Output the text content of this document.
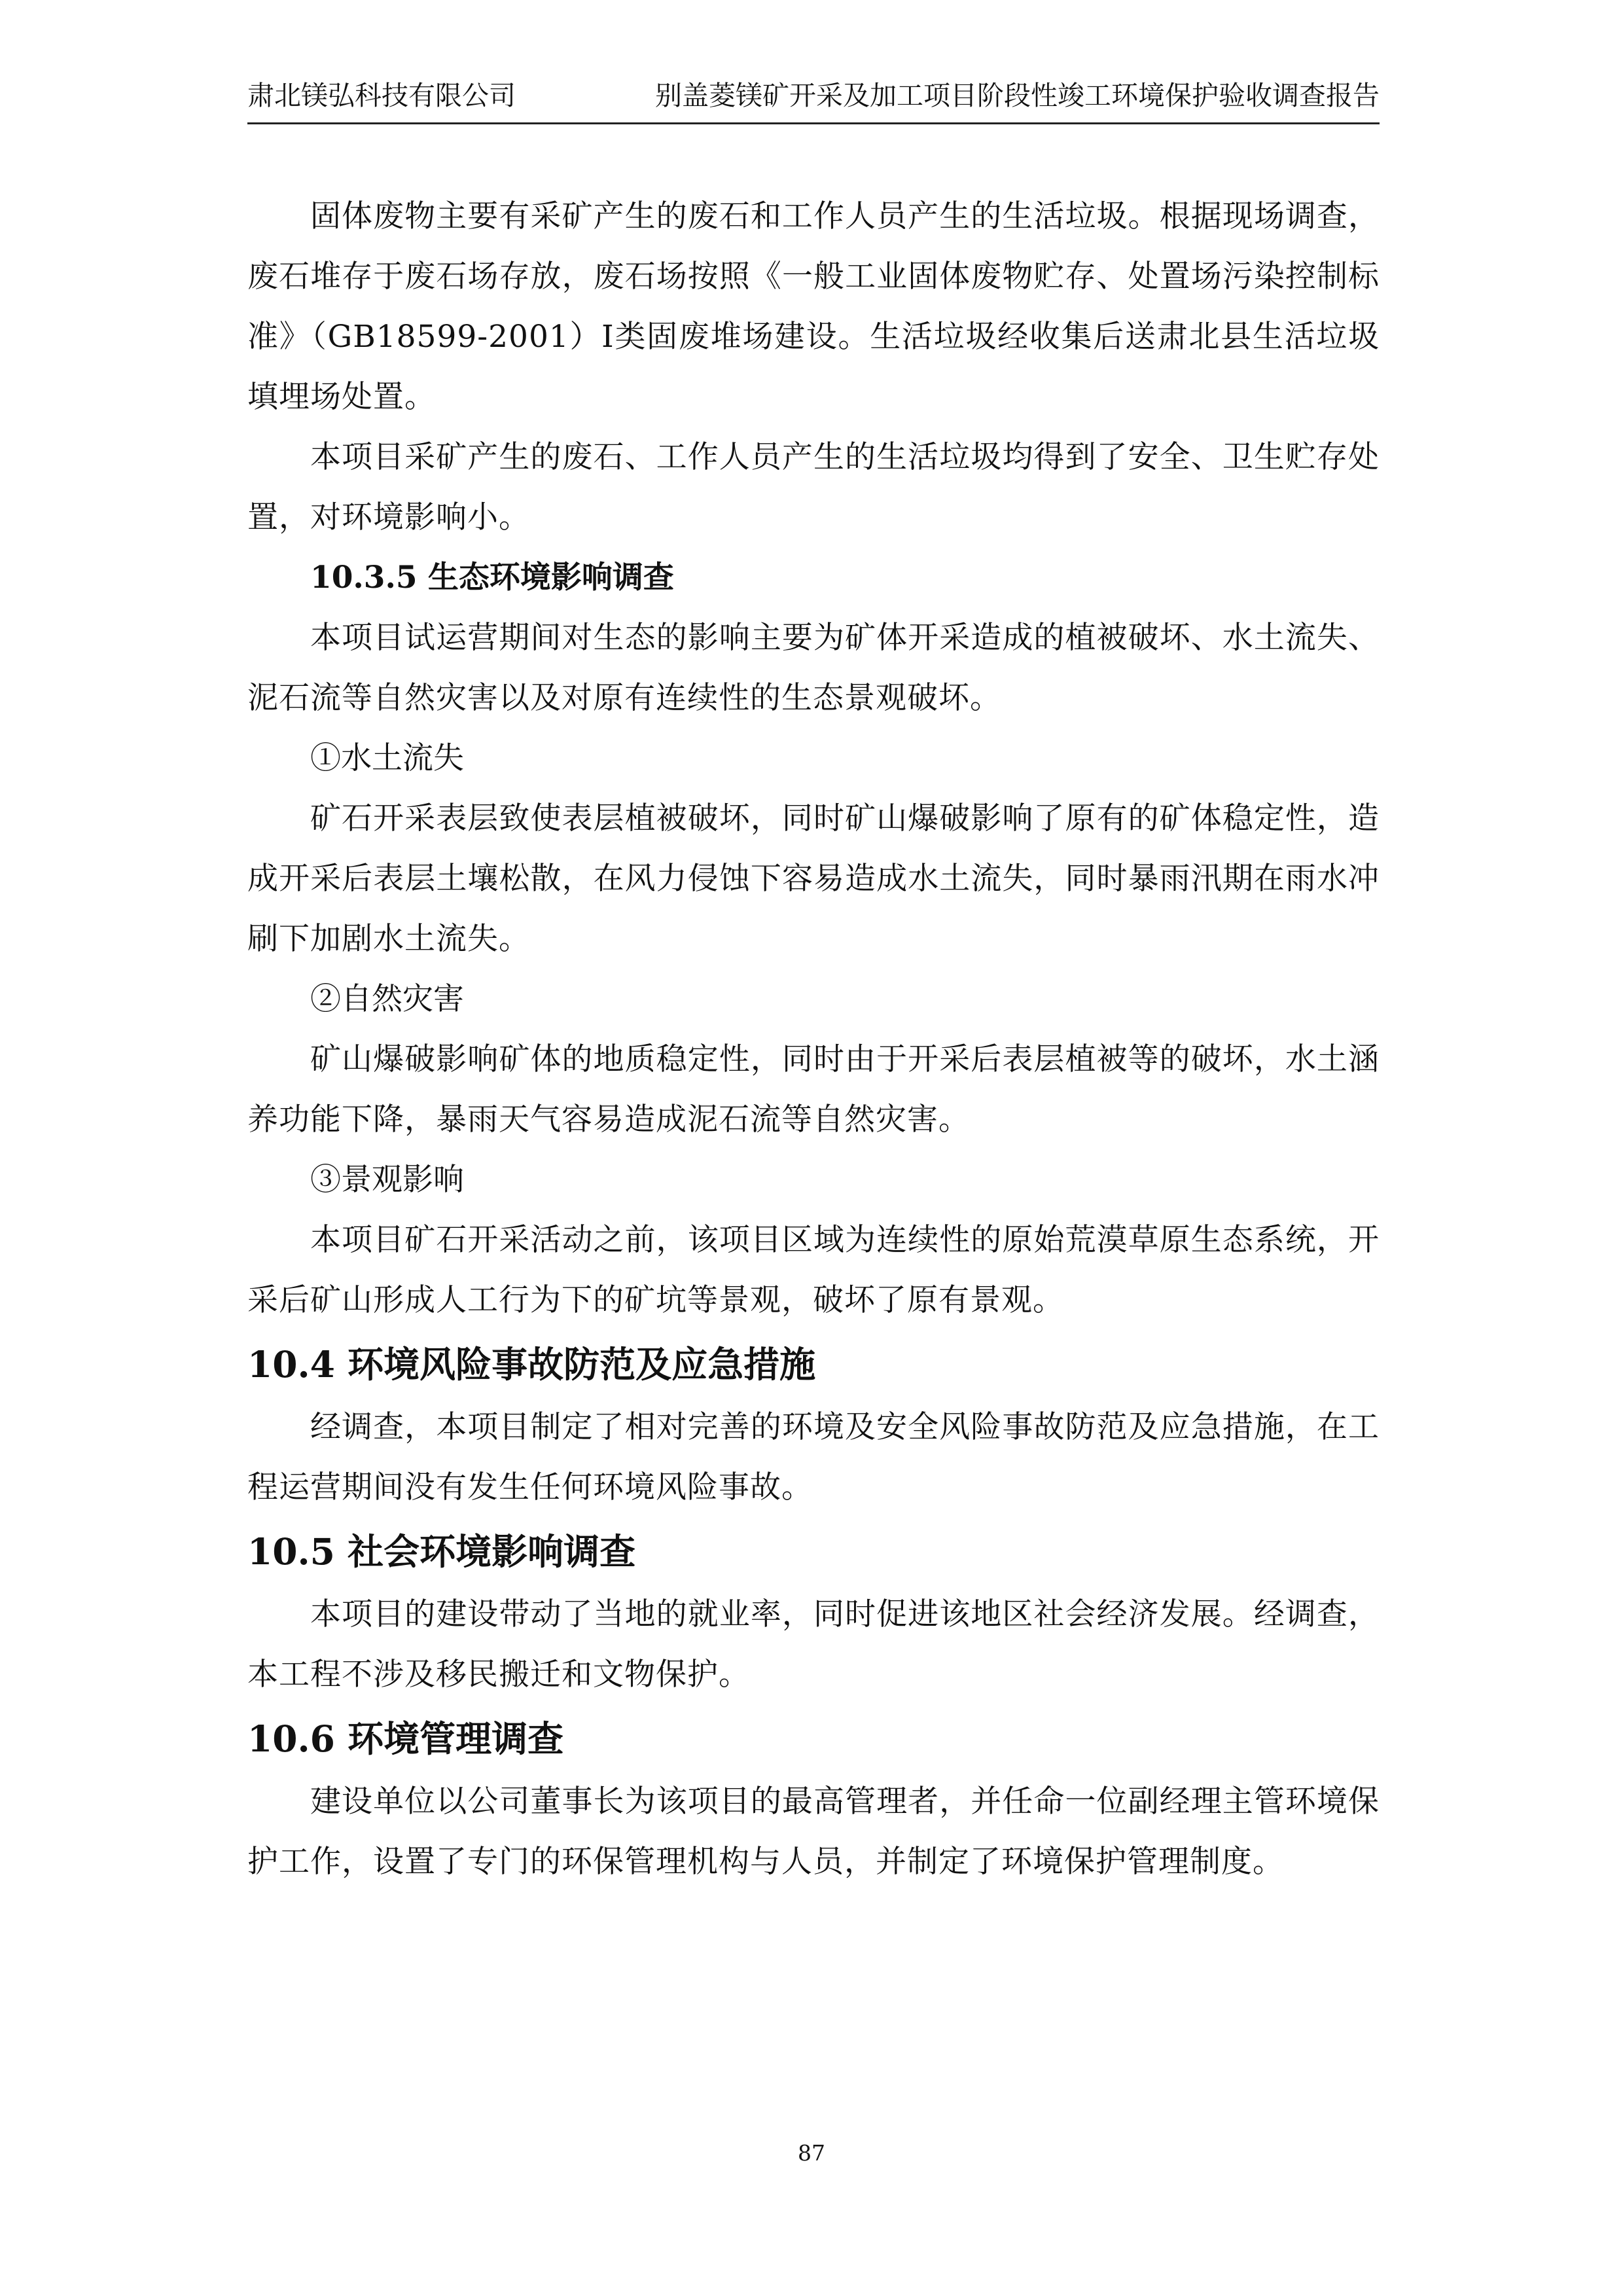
肃北镁弘科技有限公司	别盖菱镁矿开采及加工项目阶段性竣工环境保护验收调查报告

固体废物主要有采矿产生的废石和工作人员产生的生活垃圾。根据现场调查，废石堆存于废石场存放，废石场按照《一般工业固体废物贮存、处置场污染控制标准》（GB18599-2001）Ⅰ类固废堆场建设。生活垃圾经收集后送肃北县生活垃圾填埋场处置。

本项目采矿产生的废石、工作人员产生的生活垃圾均得到了安全、卫生贮存处置，对环境影响小。

10.3.5 生态环境影响调查

本项目试运营期间对生态的影响主要为矿体开采造成的植被破坏、水土流失、泥石流等自然灾害以及对原有连续性的生态景观破坏。

①水土流失

矿石开采表层致使表层植被破坏，同时矿山爆破影响了原有的矿体稳定性，造成开采后表层土壤松散，在风力侵蚀下容易造成水土流失，同时暴雨汛期在雨水冲刷下加剧水土流失。

②自然灾害

矿山爆破影响矿体的地质稳定性，同时由于开采后表层植被等的破坏，水土涵养功能下降，暴雨天气容易造成泥石流等自然灾害。

③景观影响

本项目矿石开采活动之前，该项目区域为连续性的原始荒漠草原生态系统，开采后矿山形成人工行为下的矿坑等景观，破坏了原有景观。

10.4 环境风险事故防范及应急措施

经调查，本项目制定了相对完善的环境及安全风险事故防范及应急措施，在工程运营期间没有发生任何环境风险事故。

10.5 社会环境影响调查

本项目的建设带动了当地的就业率，同时促进该地区社会经济发展。经调查，本工程不涉及移民搬迁和文物保护。

10.6 环境管理调查

建设单位以公司董事长为该项目的最高管理者，并任命一位副经理主管环境保护工作，设置了专门的环保管理机构与人员，并制定了环境保护管理制度。

87
